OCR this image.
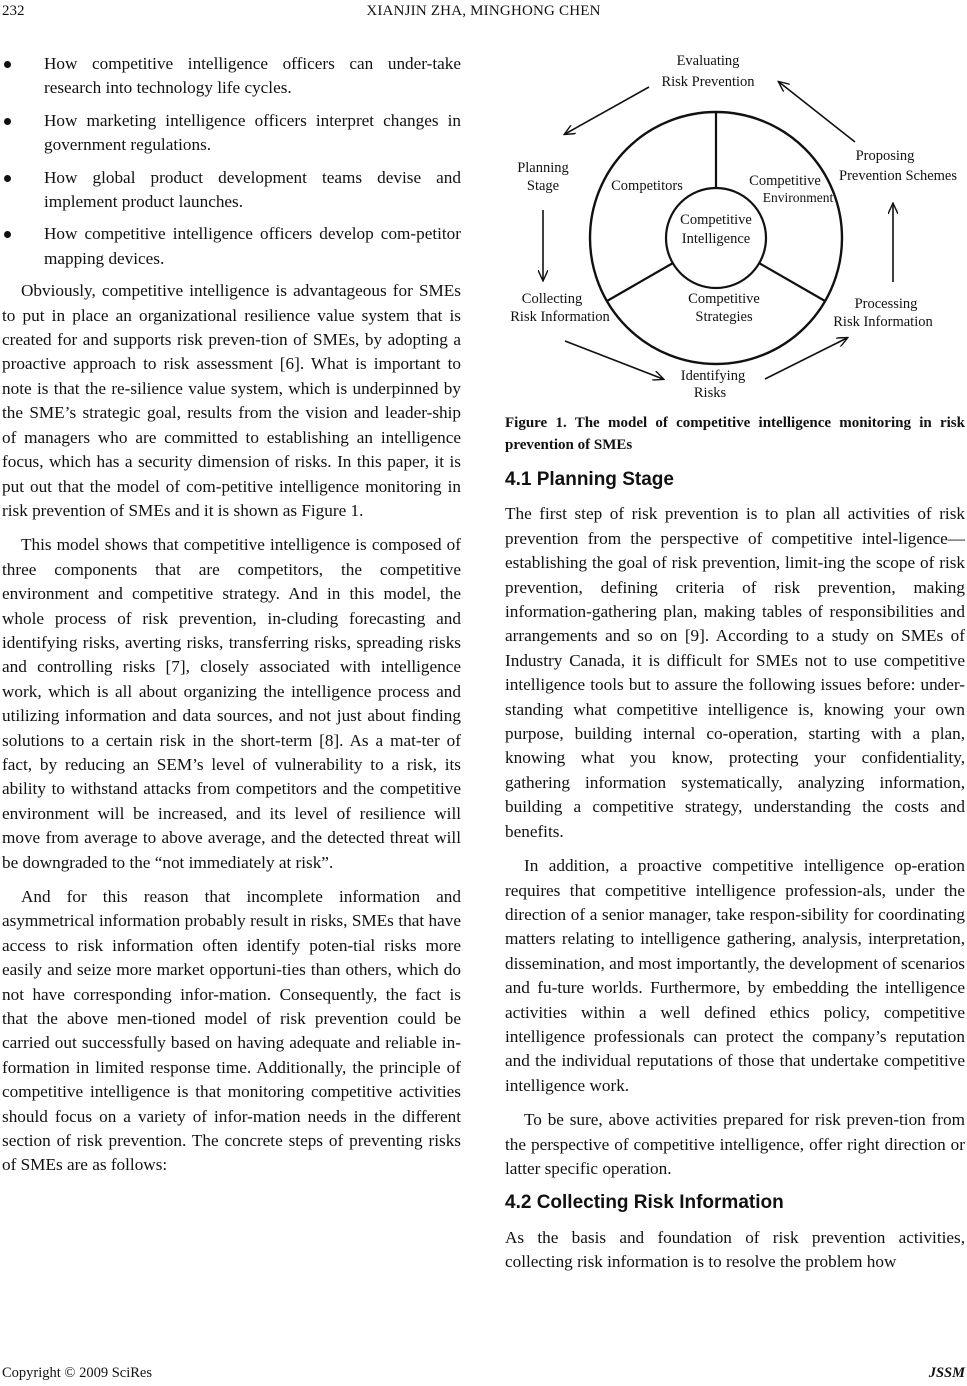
232	XIANJIN ZHA, MINGHONG CHEN
How competitive intelligence officers can under-take research into technology life cycles.
How marketing intelligence officers interpret changes in government regulations.
How global product development teams devise and implement product launches.
How competitive intelligence officers develop com-petitor mapping devices.

Obviously, competitive intelligence is advantageous for SMEs to put in place an organizational resilience value system that is created for and supports risk preven-tion of SMEs, by adopting a proactive approach to risk assessment [6]. What is important to note is that the re-silience value system, which is underpinned by the SME’s strategic goal, results from the vision and leader-ship of managers who are committed to establishing an intelligence focus, which has a security dimension of risks. In this paper, it is put out that the model of com-petitive intelligence monitoring in risk prevention of SMEs and it is shown as Figure 1.

This model shows that competitive intelligence is composed of three components that are competitors, the competitive environment and competitive strategy. And in this model, the whole process of risk prevention, in-cluding forecasting and identifying risks, averting risks, transferring risks, spreading risks and controlling risks [7], closely associated with intelligence work, which is all about organizing the intelligence process and utilizing information and data sources, and not just about finding solutions to a certain risk in the short-term [8]. As a mat-ter of fact, by reducing an SEM’s level of vulnerability to a risk, its ability to withstand attacks from competitors and the competitive environment will be increased, and its level of resilience will move from average to above average, and the detected threat will be downgraded to the “not immediately at risk”.

And for this reason that incomplete information and asymmetrical information probably result in risks, SMEs that have access to risk information often identify poten-tial risks more easily and seize more market opportuni-ties than others, which do not have corresponding infor-mation. Consequently, the fact is that the above men-tioned model of risk prevention could be carried out successfully based on having adequate and reliable in-formation in limited response time. Additionally, the principle of competitive intelligence is that monitoring competitive activities should focus on a variety of infor-mation needs in the different section of risk prevention. The concrete steps of preventing risks of SMEs are as follows:

Evaluating
Risk Prevention
Planning
Stage
Proposing
Prevention Schemes
Collecting
Risk Information
Processing
Risk Information
Identifying
Risks
Competitors	Competitive
Environment
Competitive
Strategies
Competitive
Intelligence
Figure 1. The model of competitive intelligence monitoring in risk prevention of SMEs
4.1 Planning Stage

The first step of risk prevention is to plan all activities of risk prevention from the perspective of competitive intel-ligence—establishing the goal of risk prevention, limit-ing the scope of risk prevention, defining criteria of risk prevention, making information-gathering plan, making tables of responsibilities and arrangements and so on [9]. According to a study on SMEs of Industry Canada, it is difficult for SMEs not to use competitive intelligence tools but to assure the following issues before: under-standing what competitive intelligence is, knowing your own purpose, building internal co-operation, starting with a plan, knowing what you know, protecting your confidentiality, gathering information systematically, analyzing information, building a competitive strategy, understanding the costs and benefits.

In addition, a proactive competitive intelligence op-eration requires that competitive intelligence profession-als, under the direction of a senior manager, take respon-sibility for coordinating matters relating to intelligence gathering, analysis, interpretation, dissemination, and most importantly, the development of scenarios and fu-ture worlds. Furthermore, by embedding the intelligence activities within a well defined ethics policy, competitive intelligence professionals can protect the company’s reputation and the individual reputations of those that undertake competitive intelligence work.

To be sure, above activities prepared for risk preven-tion from the perspective of competitive intelligence, offer right direction or latter specific operation.

4.2 Collecting Risk Information

As the basis and foundation of risk prevention activities, collecting risk information is to resolve the problem how

Copyright © 2009 SciRes	JSSM
